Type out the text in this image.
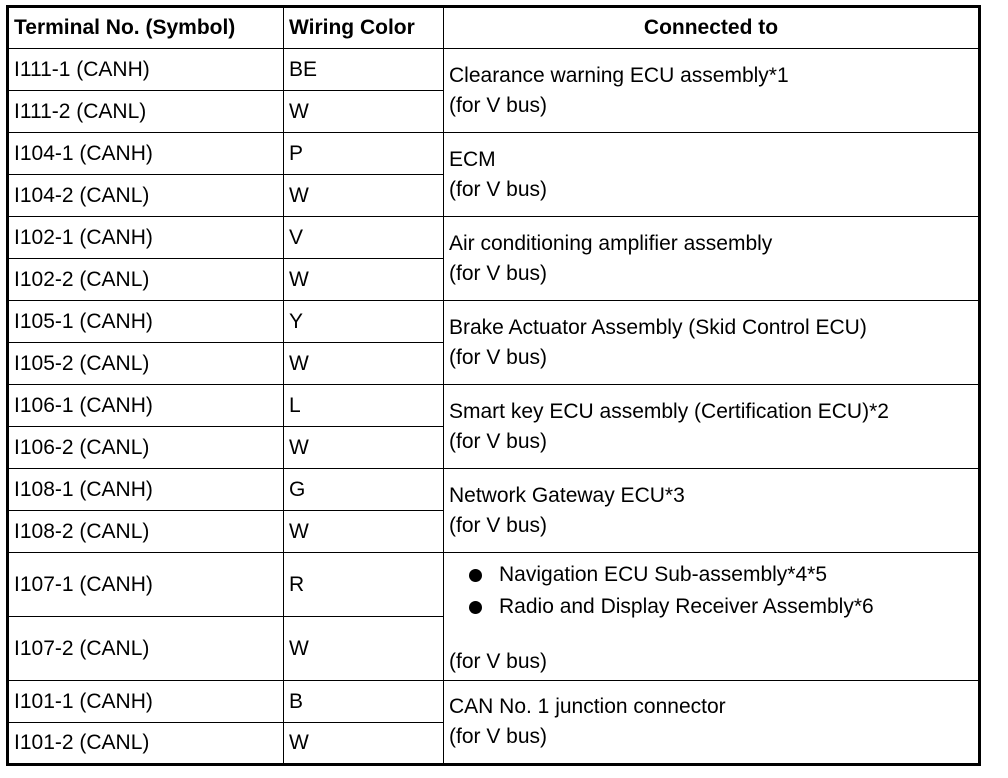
Terminal No. (Symbol)	Wiring Color	Connected to
I111-1 (CANH)	BE	Clearance warning ECU assembly*1
(for V bus)

I111-2 (CANL)	W	
I104-1 (CANH)	P	ECM
(for V bus)

I104-2 (CANL)	W	
I102-1 (CANH)	V	Air conditioning amplifier assembly
(for V bus)

I102-2 (CANL)	W	
I105-1 (CANH)	Y	Brake Actuator Assembly (Skid Control ECU)
(for V bus)

I105-2 (CANL)	W	
I106-1 (CANH)	L	Smart key ECU assembly (Certification ECU)*2
(for V bus)

I106-2 (CANL)	W	
I108-1 (CANH)	G	Network Gateway ECU*3
(for V bus)

I108-2 (CANL)	W	
I107-1 (CANH)	R	Navigation ECU Sub-assembly*4*5
Radio and Display Receiver Assembly*6
(for V bus)

I107-2 (CANL)	W	
I101-1 (CANH)	B	CAN No. 1 junction connector
(for V bus)

I101-2 (CANL)	W	
